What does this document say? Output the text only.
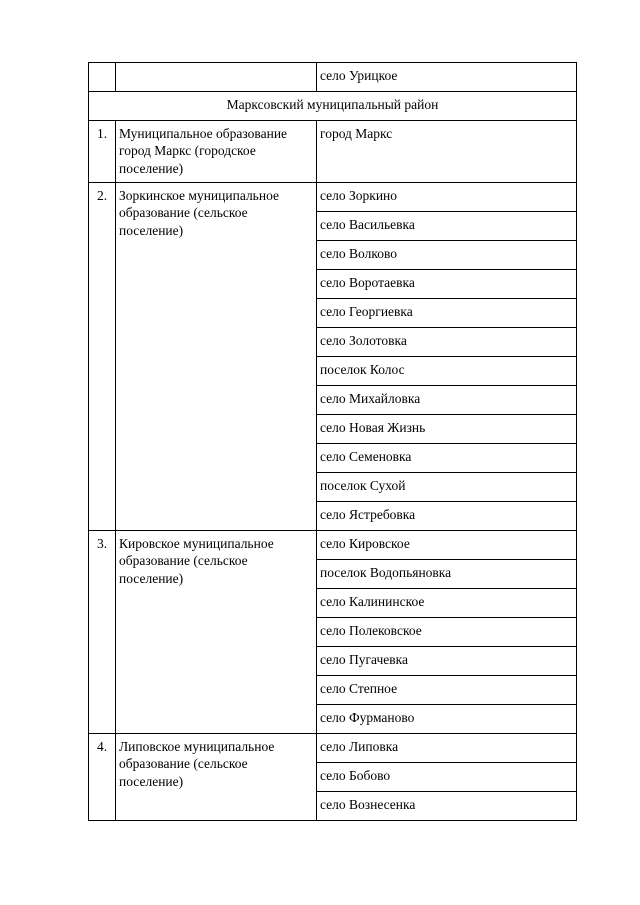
		село Урицкое
Марксовский муниципальный район		
1.	Муниципальное образование город Маркс (городское поселение)	город Маркс
2.	Зоркинское муниципальное образование (сельское поселение)	село Зоркино
		село Васильевка
		село Волково
		село Воротаевка
		село Георгиевка
		село Золотовка
		поселок Колос
		село Михайловка
		село Новая Жизнь
		село Семеновка
		поселок Сухой
		село Ястребовка
3.	Кировское муниципальное образование (сельское поселение)	село Кировское
		поселок Водопьяновка
		село Калининское
		село Полековское
		село Пугачевка
		село Степное
		село Фурманово
4.	Липовское муниципальное образование (сельское поселение)	село Липовка
		село Бобово
		село Вознесенка
